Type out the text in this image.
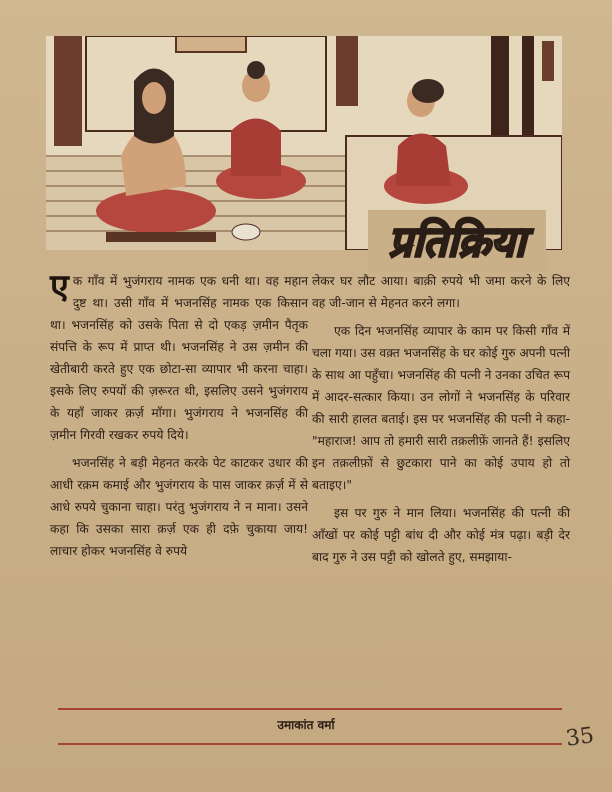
प्रतिक्रिया

एक गाँव में भुजंगराय नामक एक धनी था। वह महान दुष्ट था। उसी गाँव में भजनसिंह नामक एक किसान था। भजनसिंह को उसके पिता से दो एकड़ ज़मीन पैतृक संपत्ति के रूप में प्राप्त थी। भजनसिंह ने उस ज़मीन की खेतीबारी करते हुए एक छोटा-सा व्यापार भी करना चाहा। इसके लिए रुपयों की ज़रूरत थी, इसलिए उसने भुजंगराय के यहाँ जाकर क़र्ज़ माँगा। भुजंगराय ने भजनसिंह की ज़मीन गिरवी रखकर रुपये दिये।

भजनसिंह ने बड़ी मेहनत करके पेट काटकर उधार की आधी रक़म कमाई और भुजंगराय के पास जाकर क़र्ज़ में से आधे रुपये चुकाना चाहा। परंतु भुजंगराय ने न माना। उसने कहा कि उसका सारा क़र्ज़ एक ही दफ़े चुकाया जाय! लाचार होकर भजनसिंह वे रुपये

लेकर घर लौट आया। बाक़ी रुपये भी जमा करने के लिए वह जी-जान से मेहनत करने लगा।

एक दिन भजनसिंह व्यापार के काम पर किसी गाँव में चला गया। उस वक़्त भजनसिंह के घर कोई गुरु अपनी पत्नी के साथ आ पहुँचा। भजनसिंह की पत्नी ने उनका उचित रूप में आदर-सत्कार किया। उन लोगों ने भजनसिंह के परिवार की सारी हालत बताई। इस पर भजनसिंह की पत्नी ने कहा-"महाराज! आप तो हमारी सारी तक़लीफ़ें जानते हैं! इसलिए इन तक़लीफ़ों से छुटकारा पाने का कोई उपाय हो तो बताइए।"

इस पर गुरु ने मान लिया। भजनसिंह की पत्नी की आँखों पर कोई पट्टी बांध दी और कोई मंत्र पढ़ा। बड़ी देर बाद गुरु ने उस पट्टी को खोलते हुए, समझाया-

उमाकांत वर्मा	35
